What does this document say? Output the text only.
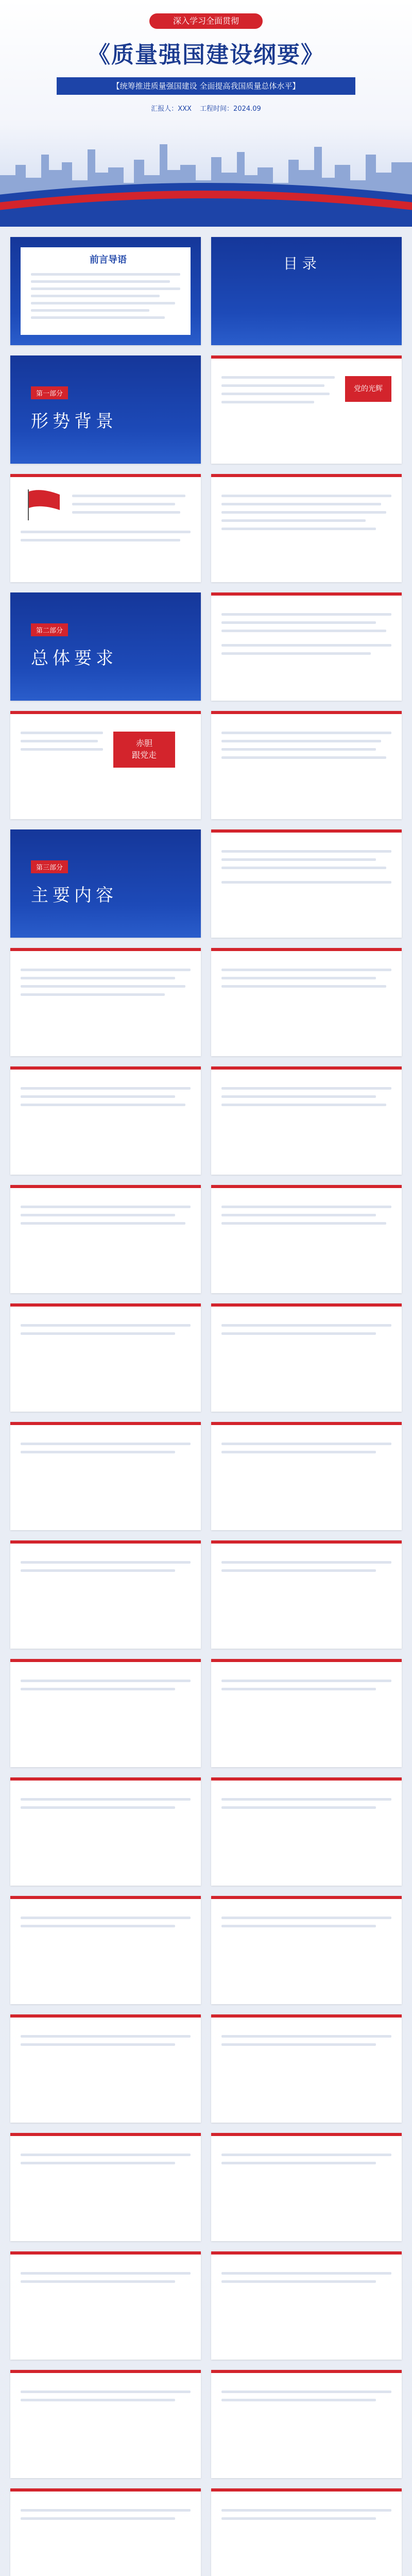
深入学习全面贯彻
《质量强国建设纲要》
【统筹推进质量强国建设 全面提高我国质量总体水平】
汇报人：XXX 工程时间：2024.09
前言导语	目 录
第一部分
形势背景
党的光辉
第二部分
总体要求
赤胆
跟党走
第三部分
主要内容
